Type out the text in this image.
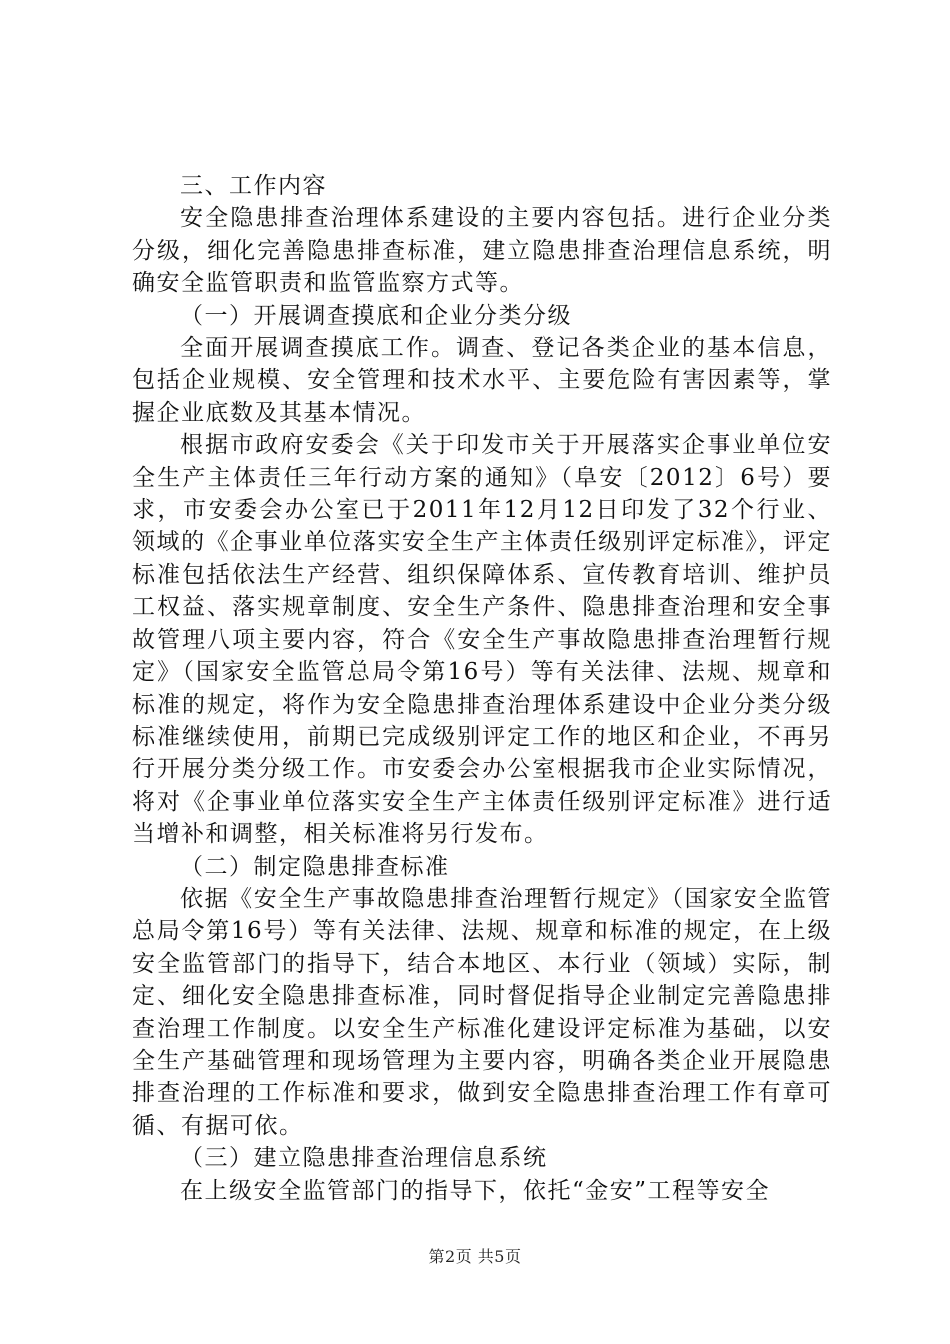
三、工作内容

安全隐患排查治理体系建设的主要内容包括。进行企业分类分级，细化完善隐患排查标准，建立隐患排查治理信息系统，明确安全监管职责和监管监察方式等。

（一）开展调查摸底和企业分类分级

全面开展调查摸底工作。调查、登记各类企业的基本信息，包括企业规模、安全管理和技术水平、主要危险有害因素等，掌握企业底数及其基本情况。

根据市政府安委会《关于印发市关于开展落实企事业单位安全生产主体责任三年行动方案的通知》（阜安〔2012〕6号）要求，市安委会办公室已于2011年12月12日印发了32个行业、领域的《企事业单位落实安全生产主体责任级别评定标准》，评定标准包括依法生产经营、组织保障体系、宣传教育培训、维护员工权益、落实规章制度、安全生产条件、隐患排查治理和安全事故管理八项主要内容，符合《安全生产事故隐患排查治理暂行规定》（国家安全监管总局令第16号）等有关法律、法规、规章和标准的规定，将作为安全隐患排查治理体系建设中企业分类分级标准继续使用，前期已完成级别评定工作的地区和企业，不再另行开展分类分级工作。市安委会办公室根据我市企业实际情况，将对《企事业单位落实安全生产主体责任级别评定标准》进行适当增补和调整，相关标准将另行发布。

（二）制定隐患排查标准

依据《安全生产事故隐患排查治理暂行规定》（国家安全监管总局令第16号）等有关法律、法规、规章和标准的规定，在上级安全监管部门的指导下，结合本地区、本行业（领域）实际，制定、细化安全隐患排查标准，同时督促指导企业制定完善隐患排查治理工作制度。以安全生产标准化建设评定标准为基础，以安全生产基础管理和现场管理为主要内容，明确各类企业开展隐患排查治理的工作标准和要求，做到安全隐患排查治理工作有章可循、有据可依。

（三）建立隐患排查治理信息系统

在上级安全监管部门的指导下，依托“金安”工程等安全

第2页 共5页
